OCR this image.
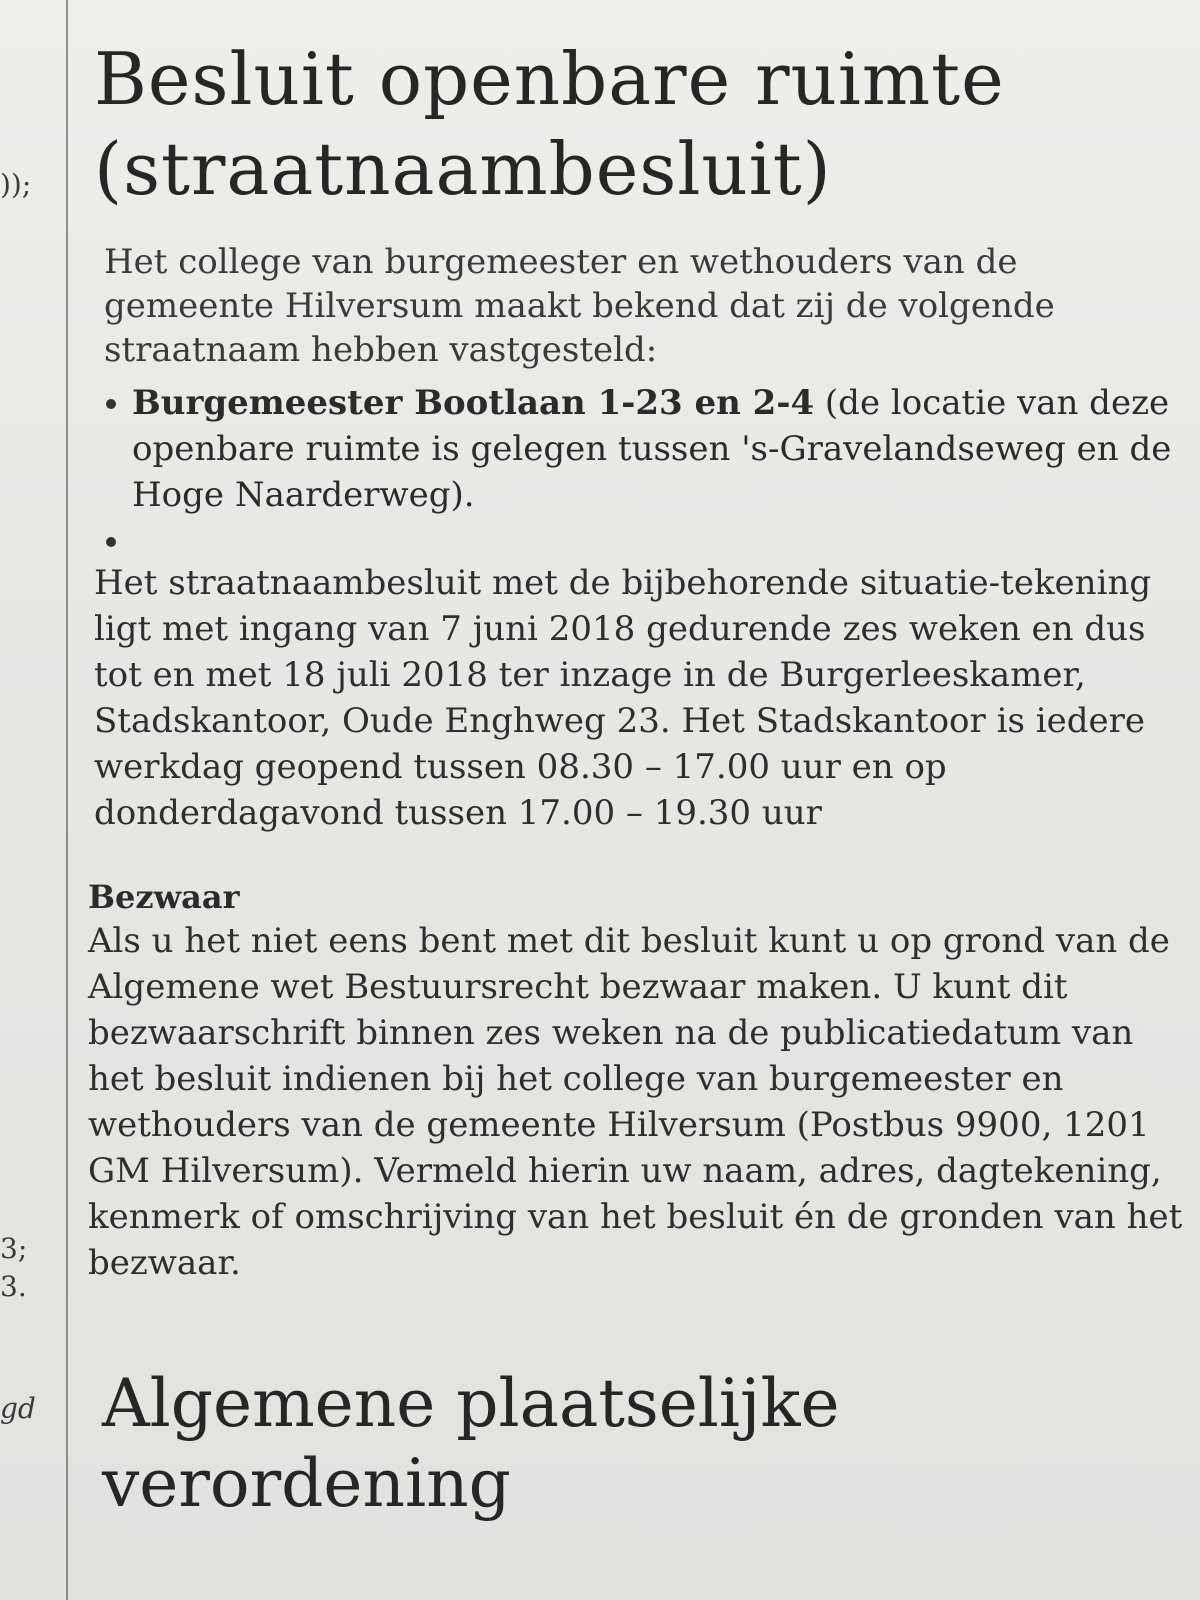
));
3;
3.
gd
Besluit openbare ruimte (straatnaambesluit)

Het college van burgemeester en wethouders van de gemeente Hilversum maakt bekend dat zij de volgende straatnaam hebben vastgesteld:

Burgemeester Bootlaan 1-23 en 2-4 (de locatie van deze openbare ruimte is gelegen tussen 's-Gravelandseweg en de Hoge Naarderweg).

Het straatnaambesluit met de bijbehorende situatie-tekening ligt met ingang van 7 juni 2018 gedurende zes weken en dus tot en met 18 juli 2018 ter inzage in de Burgerleeskamer, Stadskantoor, Oude Enghweg 23. Het Stadskantoor is iedere werkdag geopend tussen 08.30 – 17.00 uur en op donderdagavond tussen 17.00 – 19.30 uur

Bezwaar

Als u het niet eens bent met dit besluit kunt u op grond van de Algemene wet Bestuursrecht bezwaar maken. U kunt dit bezwaarschrift binnen zes weken na de publicatiedatum van het besluit indienen bij het college van burgemeester en wethouders van de gemeente Hilversum (Postbus 9900, 1201 GM Hilversum). Vermeld hierin uw naam, adres, dagtekening, kenmerk of omschrijving van het besluit én de gronden van het bezwaar.

Algemene plaatselijke verordening
